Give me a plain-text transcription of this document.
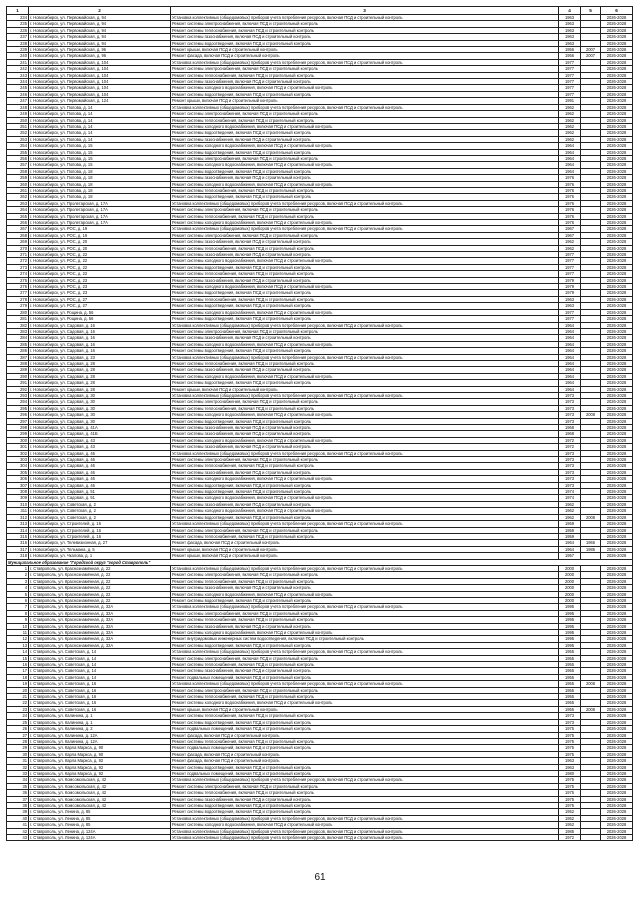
1	2	3	4	5	6
234	г. Новосибирск, ул. Первомайская, д. 94	Установка коллективных (общедомовых) приборов учета потребления ресурсов, включая ПСД и строительный контроль	1963		2026-2028
235	г. Новосибирск, ул. Первомайская, д. 94	Ремонт системы электроснабжения, включая ПСД и строительный контроль	1963		2026-2028
236	г. Новосибирск, ул. Первомайская, д. 94	Ремонт системы теплоснабжения, включая ПСД и строительный контроль	1963		2026-2028
237	г. Новосибирск, ул. Первомайская, д. 94	Ремонт системы газоснабжения, включая ПСД и строительный контроль	1963		2026-2028
238	г. Новосибирск, ул. Первомайская, д. 94	Ремонт системы водоотведения, включая ПСД и строительный контроль	1963		2026-2028
239	г. Новосибирск, ул. Первомайская, д. 96	Ремонт крыши, включая ПСД и строительный контроль	1956	2007	2026-2028
240	г. Новосибирск, ул. Первомайская, д. 96	Ремонт фасада, включая ПСД и строительный контроль	1956	2007	2026-2028
241	г. Новосибирск, ул. Первомайская, д. 104	Установка коллективных (общедомовых) приборов учета потребления ресурсов, включая ПСД и строительный контроль	1977		2026-2028
242	г. Новосибирск, ул. Первомайская, д. 104	Ремонт системы электроснабжения, включая ПСД и строительный контроль	1977		2026-2028
243	г. Новосибирск, ул. Первомайская, д. 104	Ремонт системы теплоснабжения, включая ПСД и строительный контроль	1977		2026-2028
244	г. Новосибирск, ул. Первомайская, д. 104	Ремонт системы газоснабжения, включая ПСД и строительный контроль	1977		2026-2028
245	г. Новосибирск, ул. Первомайская, д. 104	Ремонт системы холодного водоснабжения, включая ПСД и строительный контроль	1977		2026-2028
246	г. Новосибирск, ул. Первомайская, д. 104	Ремонт системы водоотведения, включая ПСД и строительный контроль	1977		2026-2028
247	г. Новосибирск, ул. Первомайская, д. 124	Ремонт крыши, включая ПСД и строительный контроль	1991		2026-2028
248	г. Новосибирск, ул. Попова, д. 14	Установка коллективных (общедомовых) приборов учета потребления ресурсов, включая ПСД и строительный контроль	1962		2026-2028
249	г. Новосибирск, ул. Попова, д. 14	Ремонт системы электроснабжения, включая ПСД и строительный контроль	1962		2026-2028
250	г. Новосибирск, ул. Попова, д. 14	Ремонт системы теплоснабжения, включая ПСД и строительный контроль	1962		2026-2028
251	г. Новосибирск, ул. Попова, д. 14	Ремонт системы холодного водоснабжения, включая ПСД и строительный контроль	1962		2026-2028
252	г. Новосибирск, ул. Попова, д. 14	Ремонт системы водоотведения, включая ПСД и строительный контроль	1962		2026-2028
253	г. Новосибирск, ул. Попова, д. 14	Ремонт системы газоснабжения, включая ПСД и строительный контроль	1962		2026-2028
254	г. Новосибирск, ул. Попова, д. 15	Ремонт системы холодного водоснабжения, включая ПСД и строительный контроль	1964		2026-2028
255	г. Новосибирск, ул. Попова, д. 15	Ремонт системы водоотведения, включая ПСД и строительный контроль	1964		2026-2028
256	г. Новосибирск, ул. Попова, д. 15	Ремонт системы электроснабжения, включая ПСД и строительный контроль	1964		2026-2028
257	г. Новосибирск, ул. Попова, д. 15	Ремонт системы холодного водоснабжения, включая ПСД и строительный контроль	1964		2026-2028
258	г. Новосибирск, ул. Попова, д. 18	Ремонт системы водоотведения, включая ПСД и строительный контроль	1964		2026-2028
259	г. Новосибирск, ул. Попова, д. 18	Ремонт системы газоснабжения, включая ПСД и строительный контроль	1976		2026-2028
260	г. Новосибирск, ул. Попова, д. 18	Ремонт системы холодного водоснабжения, включая ПСД и строительный контроль	1976		2026-2028
261	г. Новосибирск, ул. Попова, д. 18	Ремонт системы теплоснабжения, включая ПСД и строительный контроль	1976		2026-2028
262	г. Новосибирск, ул. Попова, д. 18	Ремонт системы водоотведения, включая ПСД и строительный контроль	1976		2026-2028
263	г. Новосибирск, ул. Пролетарская, д. 17А	Установка коллективных (общедомовых) приборов учета потребления ресурсов, включая ПСД и строительный контроль	1976		2026-2028
264	г. Новосибирск, ул. Пролетарская, д. 17А	Ремонт системы электроснабжения, включая ПСД и строительный контроль	1976		2026-2028
265	г. Новосибирск, ул. Пролетарская, д. 17А	Ремонт системы теплоснабжения, включая ПСД и строительный контроль	1976		2026-2028
266	г. Новосибирск, ул. Пролетарская, д. 17А	Ремонт системы холодного водоснабжения, включая ПСД и строительный контроль	1976		2026-2028
267	г. Новосибирск, ул. РОС, д. 19	Установка коллективных (общедомовых) приборов учета потребления ресурсов, включая ПСД и строительный контроль	1967		2026-2028
268	г. Новосибирск, ул. РОС, д. 19	Ремонт системы электроснабжения, включая ПСД и строительный контроль	1967		2026-2028
269	г. Новосибирск, ул. РОС, д. 20	Ремонт системы газоснабжения, включая ПСД и строительный контроль	1962		2026-2028
270	г. Новосибирск, ул. РОС, д. 20	Ремонт системы теплоснабжения, включая ПСД и строительный контроль	1962		2026-2028
271	г. Новосибирск, ул. РОС, д. 22	Ремонт системы газоснабжения, включая ПСД и строительный контроль	1977		2026-2028
272	г. Новосибирск, ул. РОС, д. 22	Ремонт системы холодного водоснабжения, включая ПСД и строительный контроль	1977		2026-2028
273	г. Новосибирск, ул. РОС, д. 22	Ремонт системы водоотведения, включая ПСД и строительный контроль	1977		2026-2028
274	г. Новосибирск, ул. РОС, д. 22	Ремонт системы теплоснабжения, включая ПСД и строительный контроль	1977		2026-2028
275	г. Новосибирск, ул. РОС, д. 23	Ремонт системы газоснабжения, включая ПСД и строительный контроль	1979		2026-2028
276	г. Новосибирск, ул. РОС, д. 23	Ремонт системы холодного водоснабжения, включая ПСД и строительный контроль	1979		2026-2028
277	г. Новосибирск, ул. РОС, д. 23	Ремонт системы водоотведения, включая ПСД и строительный контроль	1979		2026-2028
278	г. Новосибирск, ул. РОС, д. 27	Ремонт системы теплоснабжения, включая ПСД и строительный контроль	1963		2026-2028
279	г. Новосибирск, ул. РОС, д. 27	Ремонт системы водоотведения, включая ПСД и строительный контроль	1963		2026-2028
280	г. Новосибирск, ул. Рощина, д. 56	Ремонт системы холодного водоснабжения, включая ПСД и строительный контроль	1977		2026-2028
281	г. Новосибирск, ул. Рощина, д. 56	Ремонт системы водоотведения, включая ПСД и строительный контроль	1977		2026-2028
282	г. Новосибирск, ул. Садовая, д. 16	Установка коллективных (общедомовых) приборов учета потребления ресурсов, включая ПСД и строительный контроль	1964		2026-2028
283	г. Новосибирск, ул. Садовая, д. 16	Ремонт системы электроснабжения, включая ПСД и строительный контроль	1964		2026-2028
284	г. Новосибирск, ул. Садовая, д. 16	Ремонт системы газоснабжения, включая ПСД и строительный контроль	1964		2026-2028
285	г. Новосибирск, ул. Садовая, д. 16	Ремонт системы холодного водоснабжения, включая ПСД и строительный контроль	1964		2026-2028
286	г. Новосибирск, ул. Садовая, д. 16	Ремонт системы водоотведения, включая ПСД и строительный контроль	1964		2026-2028
287	г. Новосибирск, ул. Садовая, д. 23	Установка коллективных (общедомовых) приборов учета потребления ресурсов, включая ПСД и строительный контроль	1964		2026-2028
288	г. Новосибирск, ул. Садовая, д. 28	Ремонт системы теплоснабжения, включая ПСД и строительный контроль	1964		2026-2028
289	г. Новосибирск, ул. Садовая, д. 28	Ремонт системы газоснабжения, включая ПСД и строительный контроль	1964		2026-2028
290	г. Новосибирск, ул. Садовая, д. 28	Ремонт системы холодного водоснабжения, включая ПСД и строительный контроль	1964		2026-2028
291	г. Новосибирск, ул. Садовая, д. 28	Ремонт системы водоотведения, включая ПСД и строительный контроль	1964		2026-2028
292	г. Новосибирск, ул. Садовая, д. 28	Ремонт крыши, включая ПСД и строительный контроль	1964		2026-2028
293	г. Новосибирск, ул. Садовая, д. 30	Установка коллективных (общедомовых) приборов учета потребления ресурсов, включая ПСД и строительный контроль	1973		2026-2028
294	г. Новосибирск, ул. Садовая, д. 30	Ремонт системы электроснабжения, включая ПСД и строительный контроль	1973		2026-2028
295	г. Новосибирск, ул. Садовая, д. 30	Ремонт системы теплоснабжения, включая ПСД и строительный контроль	1973		2026-2028
296	г. Новосибирск, ул. Садовая, д. 30	Ремонт системы холодного водоснабжения, включая ПСД и строительный контроль	1973	2008	2026-2028
297	г. Новосибирск, ул. Садовая, д. 30	Ремонт системы водоотведения, включая ПСД и строительный контроль	1973		2026-2028
298	г. Новосибирск, ул. Садовая, д. 41А	Ремонт системы газоснабжения, включая ПСД и строительный контроль	1968		2026-2028
299	г. Новосибирск, ул. Садовая, д. 41Б	Ремонт системы газоснабжения, включая ПСД и строительный контроль	1968		2026-2028
300	г. Новосибирск, ул. Садовая, д. 43	Ремонт системы холодного водоснабжения, включая ПСД и строительный контроль	1972		2026-2028
301	г. Новосибирск, ул. Садовая, д. 43	Ремонт системы газоснабжения, включая ПСД и строительный контроль	1972		2026-2028
302	г. Новосибирск, ул. Садовая, д. 46	Установка коллективных (общедомовых) приборов учета потребления ресурсов, включая ПСД и строительный контроль	1973		2026-2028
303	г. Новосибирск, ул. Садовая, д. 46	Ремонт системы электроснабжения, включая ПСД и строительный контроль	1973		2026-2028
304	г. Новосибирск, ул. Садовая, д. 46	Ремонт системы теплоснабжения, включая ПСД и строительный контроль	1973		2026-2028
305	г. Новосибирск, ул. Садовая, д. 46	Ремонт системы газоснабжения, включая ПСД и строительный контроль	1973		2026-2028
306	г. Новосибирск, ул. Садовая, д. 46	Ремонт системы холодного водоснабжения, включая ПСД и строительный контроль	1973		2026-2028
307	г. Новосибирск, ул. Садовая, д. 46	Ремонт системы водоотведения, включая ПСД и строительный контроль	1973		2026-2028
308	г. Новосибирск, ул. Садовая, д. 51	Ремонт системы водоотведения, включая ПСД и строительный контроль	1974		2026-2028
309	г. Новосибирск, ул. Садовая, д. 51	Ремонт системы холодного водоснабжения, включая ПСД и строительный контроль	1974		2026-2028
310	г. Новосибирск, ул. Советская, д. 2	Ремонт системы газоснабжения, включая ПСД и строительный контроль	1962		2026-2028
311	г. Новосибирск, ул. Советская, д. 2	Ремонт системы холодного водоснабжения, включая ПСД и строительный контроль	1962		2026-2028
312	г. Новосибирск, ул. Советская, д. 2	Ремонт системы водоотведения, включая ПСД и строительный контроль	1962	2008	2026-2028
313	г. Новосибирск, ул. Строителей, д. 16	Установка коллективных (общедомовых) приборов учета потребления ресурсов, включая ПСД и строительный контроль	1959		2026-2028
314	г. Новосибирск, ул. Строителей, д. 16	Ремонт системы электроснабжения, включая ПСД и строительный контроль	1959		2026-2028
315	г. Новосибирск, ул. Строителей, д. 16	Ремонт системы теплоснабжения, включая ПСД и строительный контроль	1959		2026-2028
316	г. Новосибирск, ул. Телевизионная, д. 27	Ремонт фасада, включая ПСД и строительный контроль	1964	1966	2026-2028
317	г. Новосибирск, ул. Тельмана, д. 5	Ремонт крыши, включая ПСД и строительный контроль	1964	1985	2026-2028
318	г. Новосибирск, ул. Чкалова, д. 1	Ремонт крыши, включая ПСД и строительный контроль	1957		2026-2028
Муниципальное образование "Городской округ "город Ставрополь"					
1	г. Ставрополь, ул. Краснознамённая, д. 22	Установка коллективных (общедомовых) приборов учета потребления ресурсов, включая ПСД и строительный контроль	2000		2026-2028
2	г. Ставрополь, ул. Краснознамённая, д. 22	Ремонт системы электроснабжения, включая ПСД и строительный контроль	2000		2026-2028
3	г. Ставрополь, ул. Краснознамённая, д. 22	Ремонт системы теплоснабжения, включая ПСД и строительный контроль	2000		2026-2028
4	г. Ставрополь, ул. Краснознамённая, д. 22	Ремонт системы газоснабжения, включая ПСД и строительный контроль	2000		2026-2028
5	г. Ставрополь, ул. Краснознамённая, д. 22	Ремонт системы холодного водоснабжения, включая ПСД и строительный контроль	2000		2026-2028
6	г. Ставрополь, ул. Краснознамённая, д. 22	Ремонт системы водоотведения, включая ПСД и строительный контроль	2000		2026-2028
7	г. Ставрополь, ул. Краснознамённая, д. 32А	Установка коллективных (общедомовых) приборов учета потребления ресурсов, включая ПСД и строительный контроль	1995		2026-2028
8	г. Ставрополь, ул. Краснознамённая, д. 32А	Ремонт системы электроснабжения, включая ПСД и строительный контроль	1995		2026-2028
9	г. Ставрополь, ул. Краснознамённая, д. 32А	Ремонт системы теплоснабжения, включая ПСД и строительный контроль	1995		2026-2028
10	г. Ставрополь, ул. Краснознамённая, д. 32А	Ремонт системы газоснабжения, включая ПСД и строительный контроль	1995		2026-2028
11	г. Ставрополь, ул. Краснознамённая, д. 32А	Ремонт системы холодного водоснабжения, включая ПСД и строительный контроль	1995		2026-2028
12	г. Ставрополь, ул. Краснознамённая, д. 32А	Ремонт внутридомовых инженерных систем водоотведения, включая ПСД и строительный контроль	1995		2026-2028
13	г. Ставрополь, ул. Краснознамённая, д. 32А	Ремонт системы водоотведения, включая ПСД и строительный контроль	1995		2026-2028
14	г. Ставрополь, ул. Советская, д. 14	Установка коллективных (общедомовых) приборов учета потребления ресурсов, включая ПСД и строительный контроль	1955		2026-2028
15	г. Ставрополь, ул. Советская, д. 14	Ремонт системы электроснабжения, включая ПСД и строительный контроль	1955		2026-2028
16	г. Ставрополь, ул. Советская, д. 14	Ремонт системы теплоснабжения, включая ПСД и строительный контроль	1955		2026-2028
17	г. Ставрополь, ул. Советская, д. 14	Ремонт системы газоснабжения, включая ПСД и строительный контроль	1955		2026-2028
18	г. Ставрополь, ул. Советская, д. 14	Ремонт подвальных помещений, включая ПСД и строительный контроль	1955		2026-2028
19	г. Ставрополь, ул. Советская, д. 16	Установка коллективных (общедомовых) приборов учета потребления ресурсов, включая ПСД и строительный контроль	1955	2008	2026-2028
20	г. Ставрополь, ул. Советская, д. 16	Ремонт системы электроснабжения, включая ПСД и строительный контроль	1955		2026-2028
21	г. Ставрополь, ул. Советская, д. 16	Ремонт системы теплоснабжения, включая ПСД и строительный контроль	1955		2026-2028
22	г. Ставрополь, ул. Советская, д. 16	Ремонт системы холодного водоснабжения, включая ПСД и строительный контроль	1955		2026-2028
23	г. Ставрополь, ул. Советская, д. 16	Ремонт крыши, включая ПСД и строительный контроль	1955	2008	2026-2028
24	г. Ставрополь, ул. Калинина, д. 1	Ремонт системы теплоснабжения, включая ПСД и строительный контроль	1973		2026-2028
25	г. Ставрополь, ул. Калинина, д. 1	Ремонт системы водоотведения, включая ПСД и строительный контроль	1973		2026-2028
26	г. Ставрополь, ул. Калинина, д. 2	Ремонт подвальных помещений, включая ПСД и строительный контроль	1975		2026-2028
27	г. Ставрополь, ул. Калинина, д. 12А	Ремонт фасада, включая ПСД и строительный контроль	1975		2026-2028
28	г. Ставрополь, ул. Калинина, д. 12А	Ремонт системы теплоснабжения, включая ПСД и строительный контроль	1975		2026-2028
29	г. Ставрополь, ул. Карла Маркса, д. 90	Ремонт подвальных помещений, включая ПСД и строительный контроль	1975		2026-2028
30	г. Ставрополь, ул. Карла Маркса, д. 90	Ремонт фасада, включая ПСД и строительный контроль	1975		2026-2028
31	г. Ставрополь, ул. Карла Маркса, д. 92	Ремонт фасада, включая ПСД и строительный контроль	1963		2026-2028
32	г. Ставрополь, ул. Карла Маркса, д. 92	Ремонт системы водоотведения, включая ПСД и строительный контроль	1963		2026-2028
33	г. Ставрополь, ул. Карла Маркса, д. 92	Ремонт подвальных помещений, включая ПСД и строительный контроль	1980		2026-2028
34	г. Ставрополь, ул. Комсомольская, д. 42	Установка коллективных (общедомовых) приборов учета потребления ресурсов, включая ПСД и строительный контроль	1975		2026-2028
35	г. Ставрополь, ул. Комсомольская, д. 42	Ремонт системы электроснабжения, включая ПСД и строительный контроль	1975		2026-2028
36	г. Ставрополь, ул. Комсомольская, д. 42	Ремонт системы теплоснабжения, включая ПСД и строительный контроль	1975		2026-2028
37	г. Ставрополь, ул. Комсомольская, д. 42	Ремонт системы газоснабжения, включая ПСД и строительный контроль	1975		2026-2028
38	г. Ставрополь, ул. Комсомольская, д. 42	Ремонт системы водоотведения, включая ПСД и строительный контроль	1975		2026-2028
39	г. Ставрополь, ул. Ленина, д. 85	Ремонт системы водоотведения, включая ПСД и строительный контроль	1952		2026-2028
40	г. Ставрополь, ул. Ленина, д. 85	Установка коллективных (общедомовых) приборов учета потребления ресурсов, включая ПСД и строительный контроль	1952		2026-2028
41	г. Ставрополь, ул. Ленина, д. 85	Ремонт системы холодного водоснабжения, включая ПСД и строительный контроль	1952		2026-2028
42	г. Ставрополь, ул. Ленина, д. 124А	Установка коллективных (общедомовых) приборов учета потребления ресурсов, включая ПСД и строительный контроль	1985		2026-2028
43	г. Ставрополь, ул. Ленина, д. 124А	Установка коллективных (общедомовых) приборов учета потребления ресурсов, включая ПСД и строительный контроль	1972		2026-2028
61
